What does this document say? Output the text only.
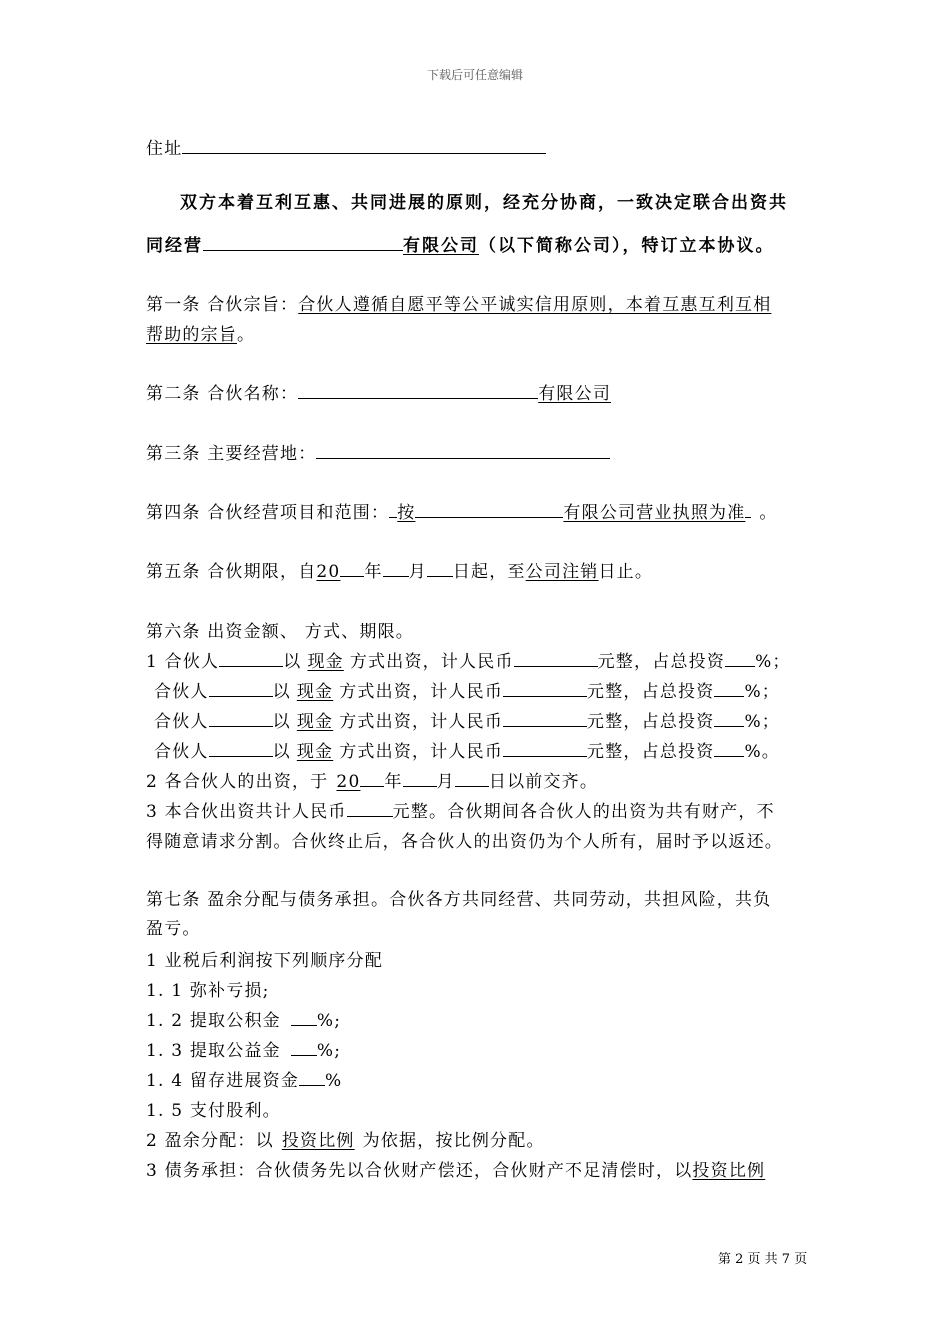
下载后可任意编辑
住址
双方本着互利互惠、共同进展的原则，经充分协商，一致决定联合出资共
同经营	有限公司（以下简称公司），特订立本协议。
第一条 合伙宗旨：合伙人遵循自愿平等公平诚实信用原则，本着互惠互利互相
帮助的宗旨。
第二条 合伙名称：	有限公司
第三条 主要经营地：
第四条 合伙经营项目和范围： 按	有限公司营业执照为准 。
第五条 合伙期限，自20 年 月 日起，至公司注销日止。
第六条 出资金额、 方式、期限。
1 合伙人	以 现金 方式出资，计人民币	元整，占总投资 %；
合伙人	以 现金 方式出资，计人民币	元整，占总投资 %；
合伙人	以 现金 方式出资，计人民币	元整，占总投资 %；
合伙人	以 现金 方式出资，计人民币	元整，占总投资 %。
2 各合伙人的出资，于 20 年 月 日以前交齐。
3 本合伙出资共计人民币	元整。合伙期间各合伙人的出资为共有财产，不
得随意请求分割。合伙终止后，各合伙人的出资仍为个人所有，届时予以返还。
第七条 盈余分配与债务承担。合伙各方共同经营、共同劳动，共担风险，共负
盈亏。
1 业税后利润按下列顺序分配
1. 1 弥补亏损;
1. 2 提取公积金 %;
1. 3 提取公益金 %;
1. 4 留存进展资金 %
1. 5 支付股利。
2 盈余分配：以 投资比例 为依据，按比例分配。
3 债务承担：合伙债务先以合伙财产偿还，合伙财产不足清偿时，以投资比例
第 2 页 共 7 页
